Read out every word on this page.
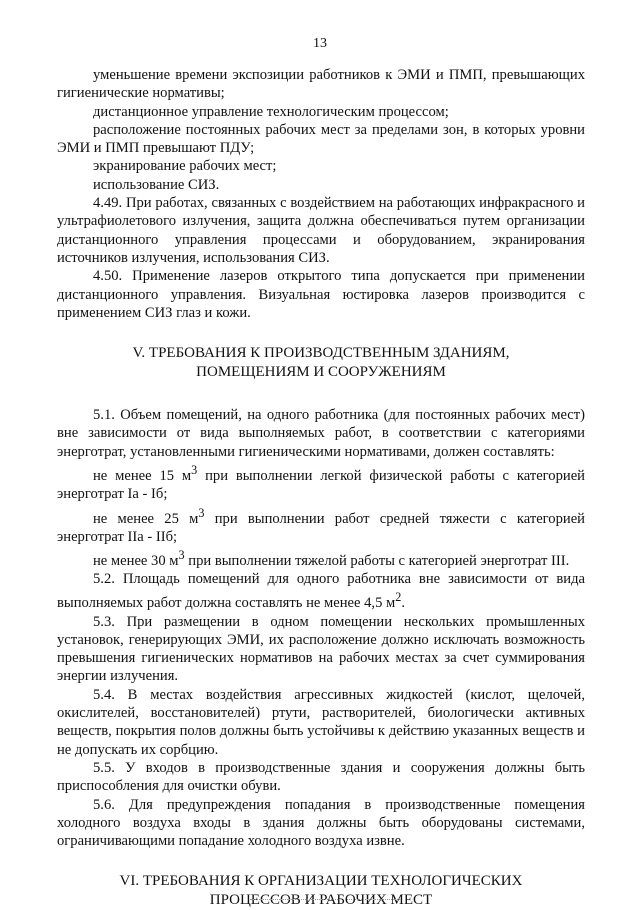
13

уменьшение времени экспозиции работников к ЭМИ и ПМП, превышающих гигиенические нормативы;

дистанционное управление технологическим процессом;

расположение постоянных рабочих мест за пределами зон, в которых уровни ЭМИ и ПМП превышают ПДУ;

экранирование рабочих мест;

использование СИЗ.

4.49. При работах, связанных с воздействием на работающих инфракрасного и ультрафиолетового излучения, защита должна обеспечиваться путем организации дистанционного управления процессами и оборудованием, экранирования источников излучения, использования СИЗ.

4.50. Применение лазеров открытого типа допускается при применении дистанционного управления. Визуальная юстировка лазеров производится с применением СИЗ глаз и кожи.

V. ТРЕБОВАНИЯ К ПРОИЗВОДСТВЕННЫМ ЗДАНИЯМ,
ПОМЕЩЕНИЯМ И СООРУЖЕНИЯМ

5.1. Объем помещений, на одного работника (для постоянных рабочих мест) вне зависимости от вида выполняемых работ, в соответствии с категориями энерготрат, установленными гигиеническими нормативами, должен составлять:

не менее 15 $м^3$ при выполнении легкой физической работы с категорией энерготрат Iа - Iб;

не менее 25 $м^3$ при выполнении работ средней тяжести с категорией энерготрат IIа - IIб;

не менее 30 $м^3$ при выполнении тяжелой работы с категорией энерготрат III.

5.2. Площадь помещений для одного работника вне зависимости от вида выполняемых работ должна составлять не менее 4,5 $м^2$.

5.3. При размещении в одном помещении нескольких промышленных установок, генерирующих ЭМИ, их расположение должно исключать возможность превышения гигиенических нормативов на рабочих местах за счет суммирования энергии излучения.

5.4. В местах воздействия агрессивных жидкостей (кислот, щелочей, окислителей, восстановителей) ртути, растворителей, биологически активных веществ, покрытия полов должны быть устойчивы к действию указанных веществ и не допускать их сорбцию.

5.5. У входов в производственные здания и сооружения должны быть приспособления для очистки обуви.

5.6. Для предупреждения попадания в производственные помещения холодного воздуха входы в здания должны быть оборудованы системами, ограничивающими попадание холодного воздуха извне.

VI. ТРЕБОВАНИЯ К ОРГАНИЗАЦИИ ТЕХНОЛОГИЧЕСКИХ
ПРОЦЕССОВ И РАБОЧИХ МЕСТ
